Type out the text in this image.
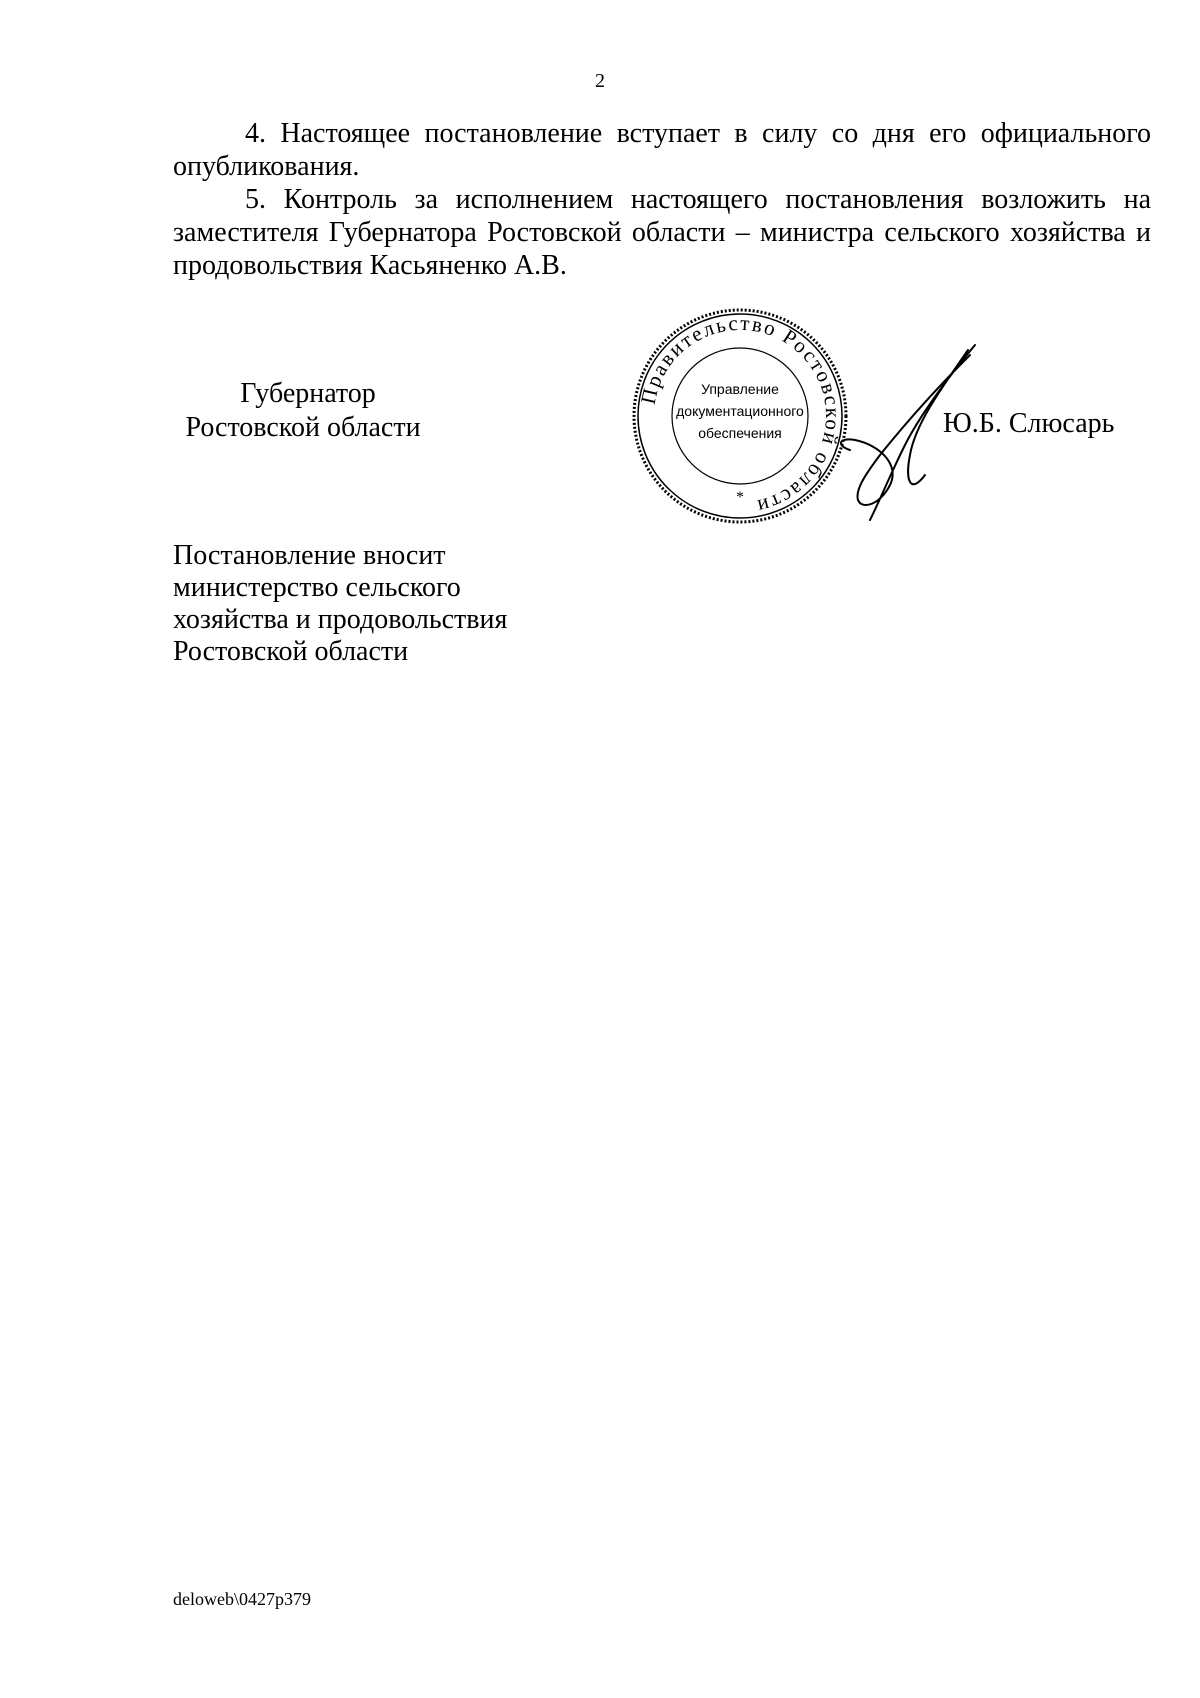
2

4. Настоящее постановление вступает в силу со дня его официального опубликования.

5. Контроль за исполнением настоящего постановления возложить на заместителя Губернатора Ростовской области – министра сельского хозяйства и продовольствия Касьяненко А.В.

Губернатор
Ростовской области
Правительство Ростовской области
Управление
документационного
обеспечения
*
Ю.Б. Слюсарь
Постановление вносит
министерство сельского
хозяйства и продовольствия
Ростовской области
deloweb\0427p379
